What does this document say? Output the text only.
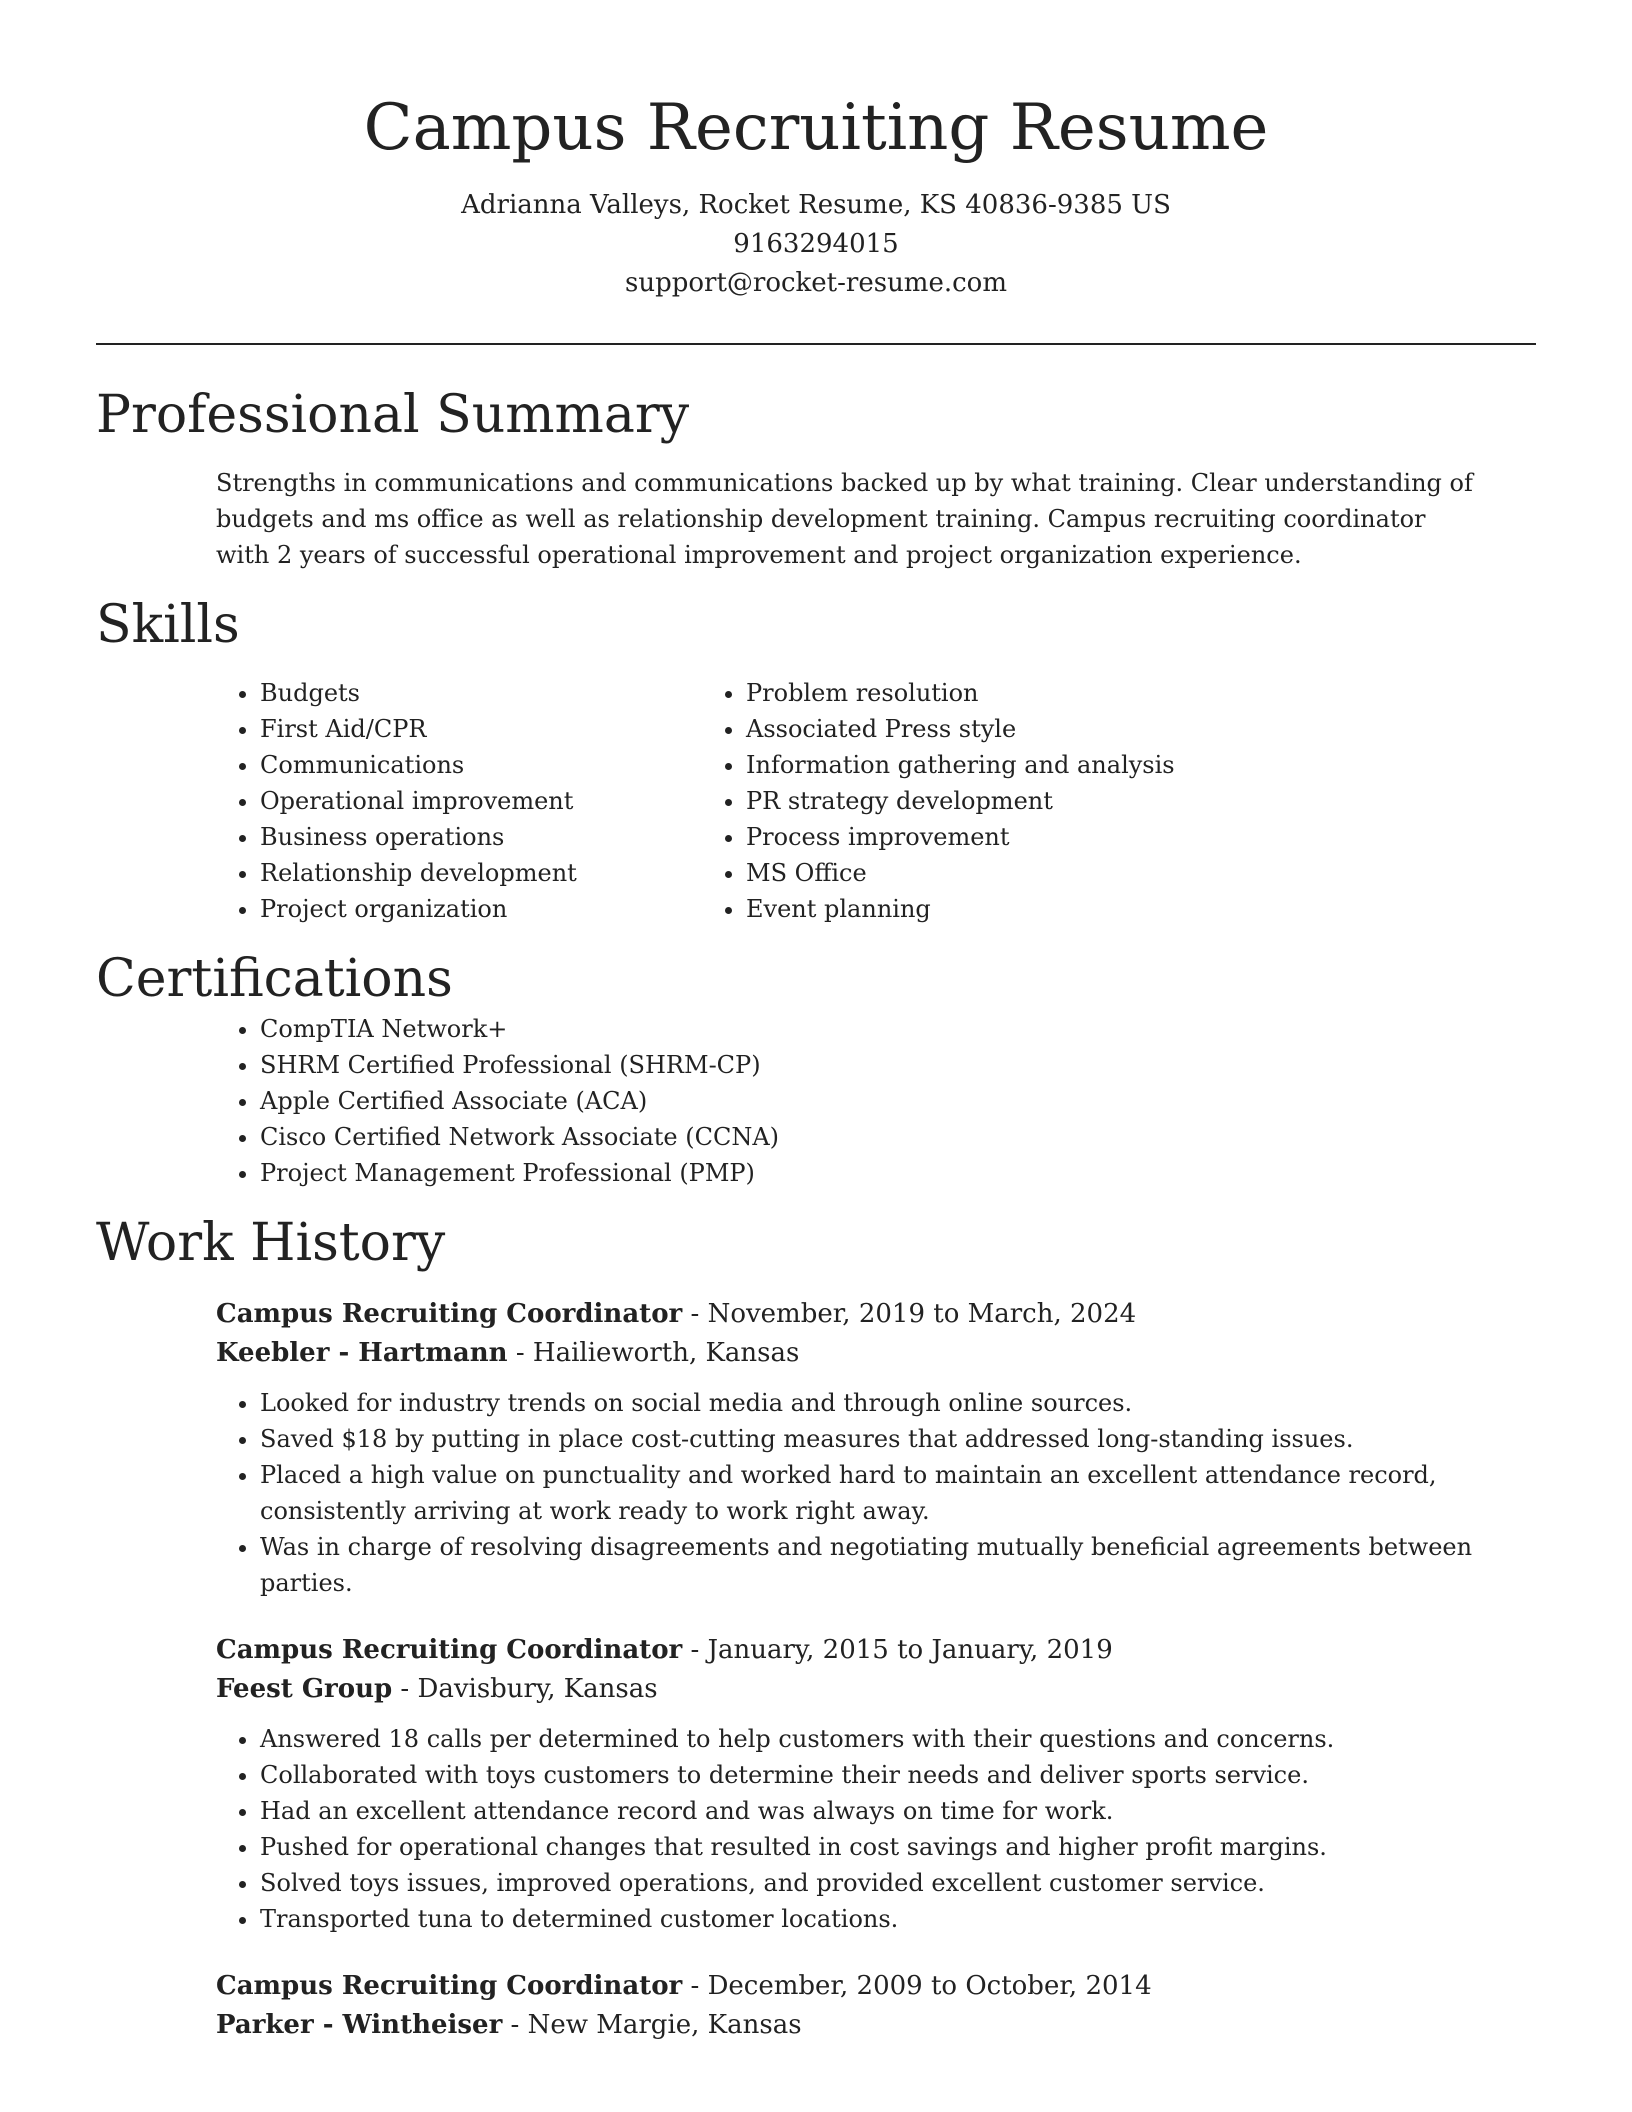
Campus Recruiting Resume

Adrianna Valleys, Rocket Resume, KS 40836-9385 US

9163294015

support@rocket-resume.com

Professional Summary

Strengths in communications and communications backed up by what training. Clear understanding of budgets and ms office as well as relationship development training. Campus recruiting coordinator with 2 years of successful operational improvement and project organization experience.

Skills
• Budgets
• First Aid/CPR
• Communications
• Operational improvement
• Business operations
• Relationship development
• Project organization
• Problem resolution
• Associated Press style
• Information gathering and analysis
• PR strategy development
• Process improvement
• MS Office
• Event planning
Certifications
• CompTIA Network+
• SHRM Certified Professional (SHRM-CP)
• Apple Certified Associate (ACA)
• Cisco Certified Network Associate (CCNA)
• Project Management Professional (PMP)
Work History

Campus Recruiting Coordinator - November, 2019 to March, 2024

Keebler - Hartmann - Hailieworth, Kansas

• Looked for industry trends on social media and through online sources.
• Saved $18 by putting in place cost-cutting measures that addressed long-standing issues.
• Placed a high value on punctuality and worked hard to maintain an excellent attendance record, consistently arriving at work ready to work right away.
• Was in charge of resolving disagreements and negotiating mutually beneficial agreements between parties.

Campus Recruiting Coordinator - January, 2015 to January, 2019

Feest Group - Davisbury, Kansas

• Answered 18 calls per determined to help customers with their questions and concerns.
• Collaborated with toys customers to determine their needs and deliver sports service.
• Had an excellent attendance record and was always on time for work.
• Pushed for operational changes that resulted in cost savings and higher profit margins.
• Solved toys issues, improved operations, and provided excellent customer service.
• Transported tuna to determined customer locations.

Campus Recruiting Coordinator - December, 2009 to October, 2014

Parker - Wintheiser - New Margie, Kansas
